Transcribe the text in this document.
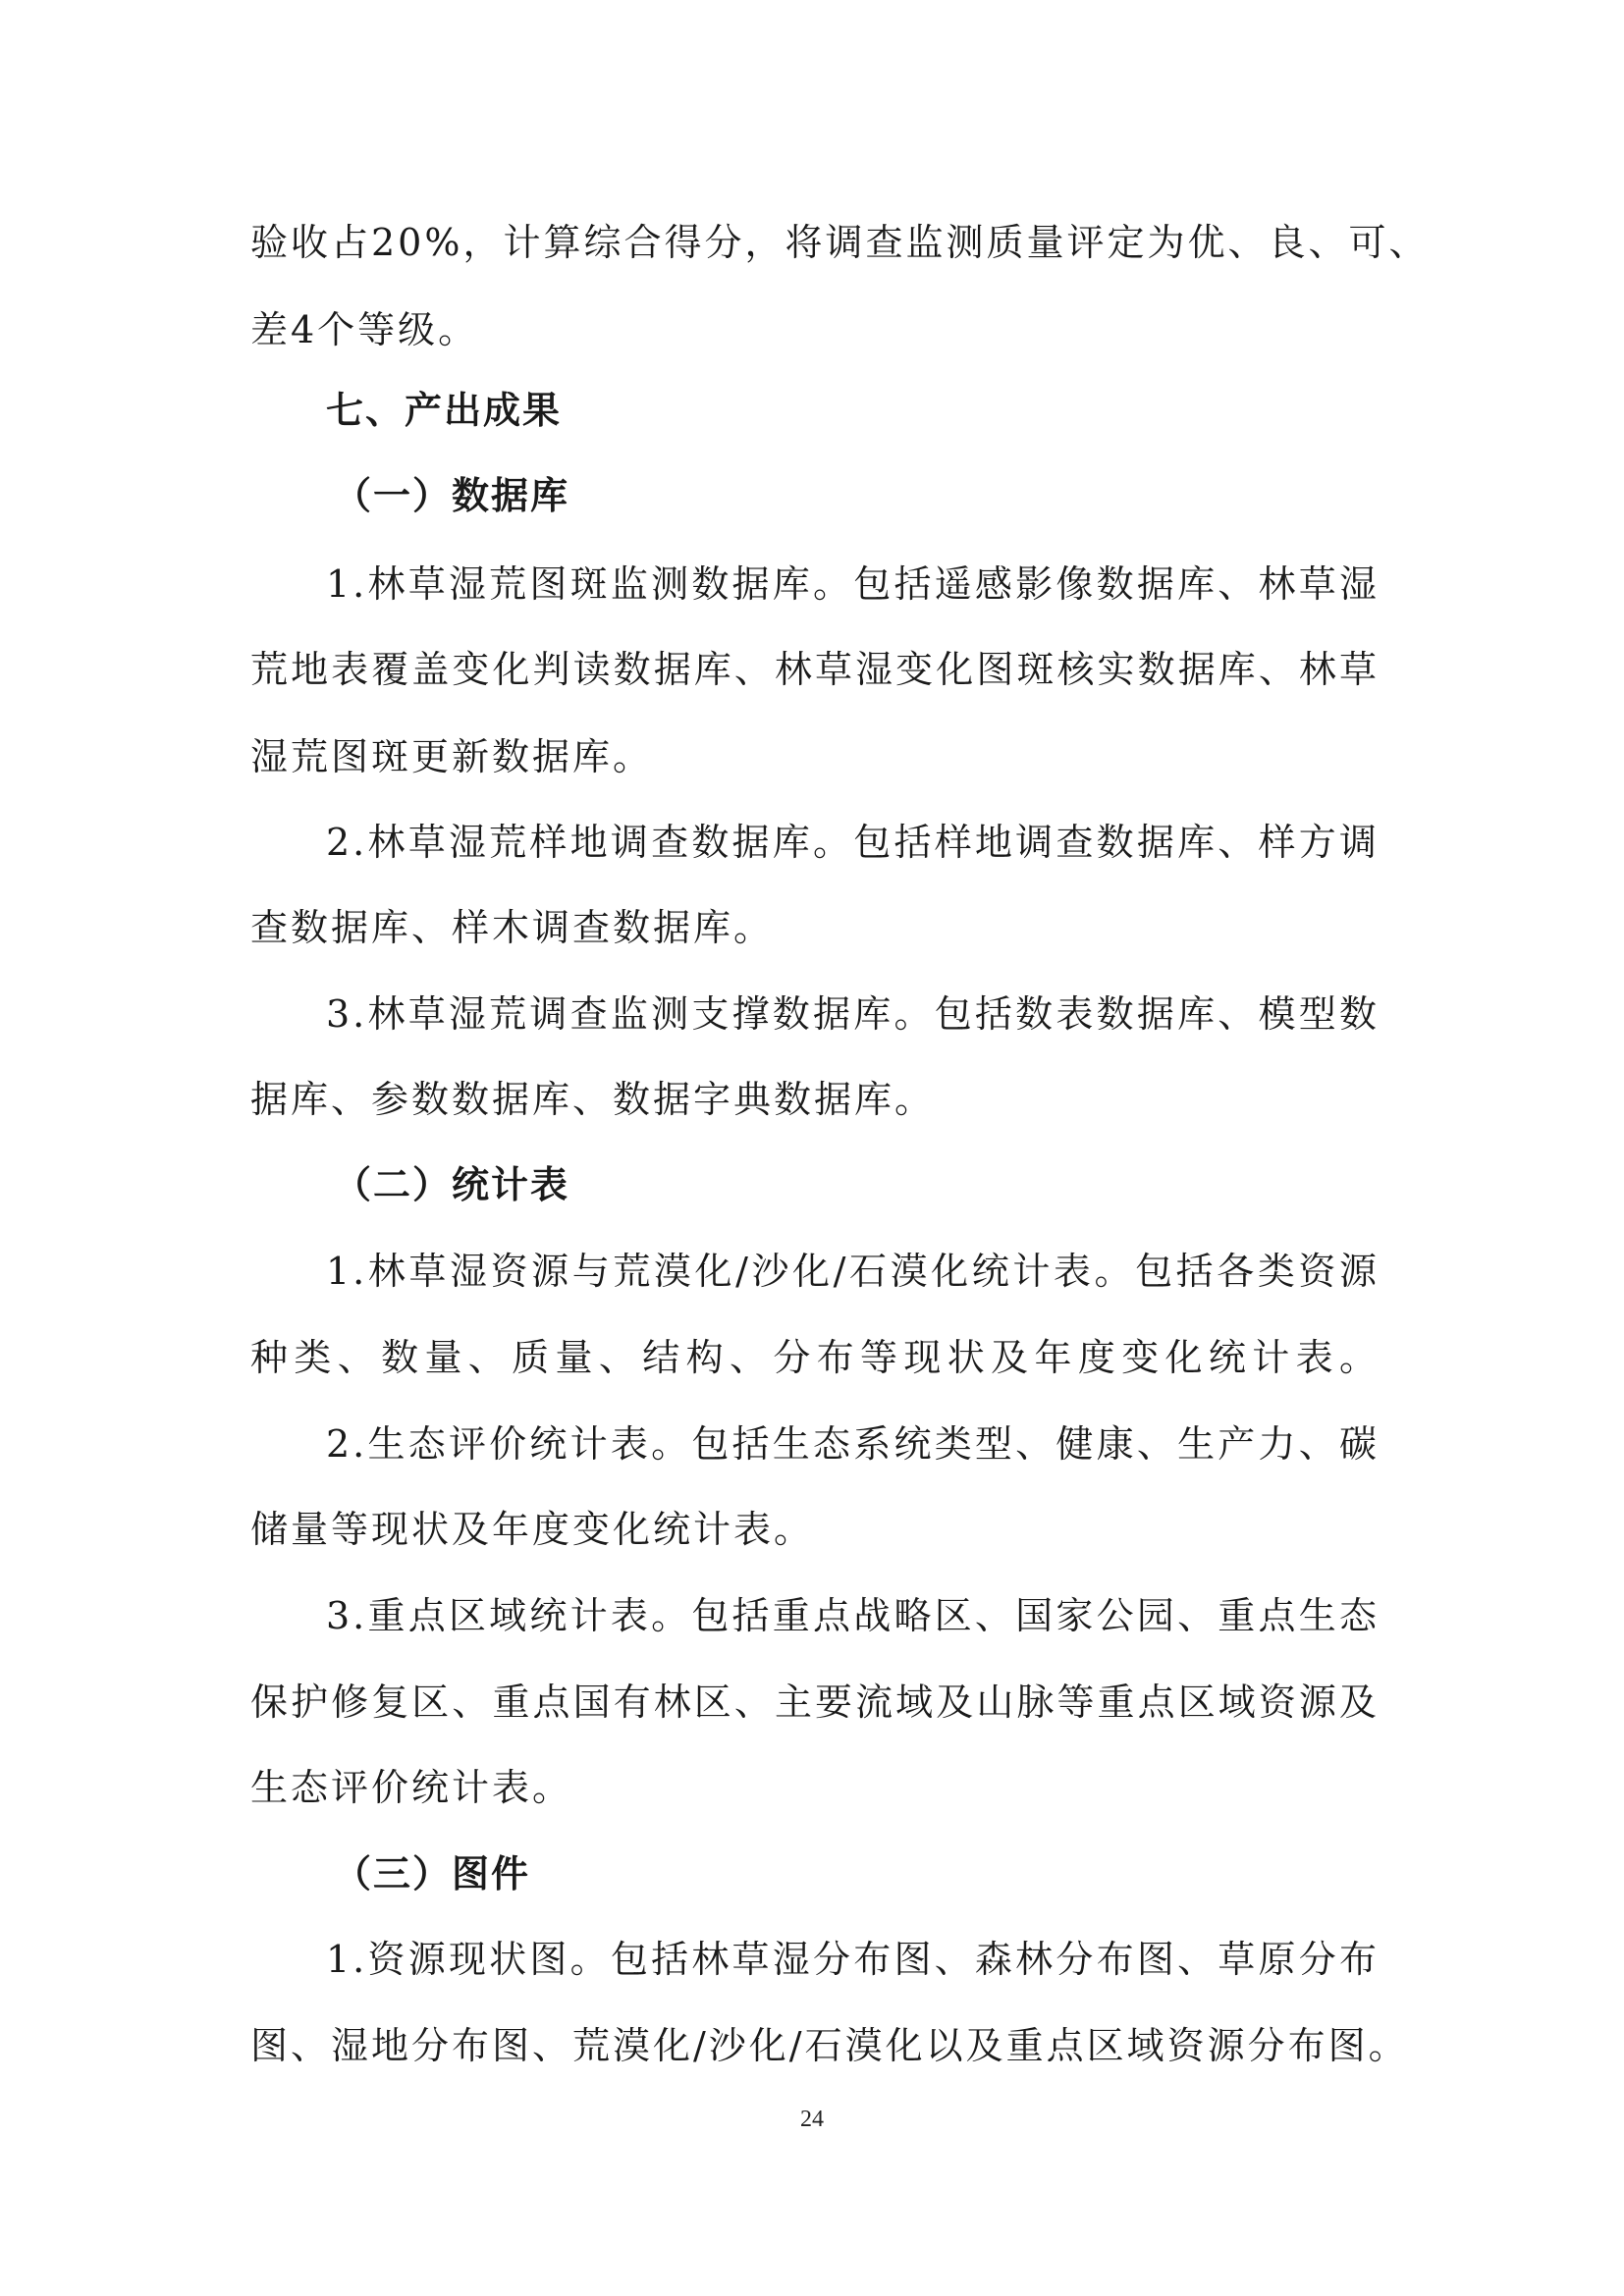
验收占20%，计算综合得分，将调查监测质量评定为优、良、可、
差4个等级。
七、产出成果
（一）数据库
1.林草湿荒图斑监测数据库。包括遥感影像数据库、林草湿
荒地表覆盖变化判读数据库、林草湿变化图斑核实数据库、林草
湿荒图斑更新数据库。
2.林草湿荒样地调查数据库。包括样地调查数据库、样方调
查数据库、样木调查数据库。
3.林草湿荒调查监测支撑数据库。包括数表数据库、模型数
据库、参数数据库、数据字典数据库。
（二）统计表
1.林草湿资源与荒漠化/沙化/石漠化统计表。包括各类资源
种类、数量、质量、结构、分布等现状及年度变化统计表。
2.生态评价统计表。包括生态系统类型、健康、生产力、碳
储量等现状及年度变化统计表。
3.重点区域统计表。包括重点战略区、国家公园、重点生态
保护修复区、重点国有林区、主要流域及山脉等重点区域资源及
生态评价统计表。
（三）图件
1.资源现状图。包括林草湿分布图、森林分布图、草原分布
图、湿地分布图、荒漠化/沙化/石漠化以及重点区域资源分布图。
24
